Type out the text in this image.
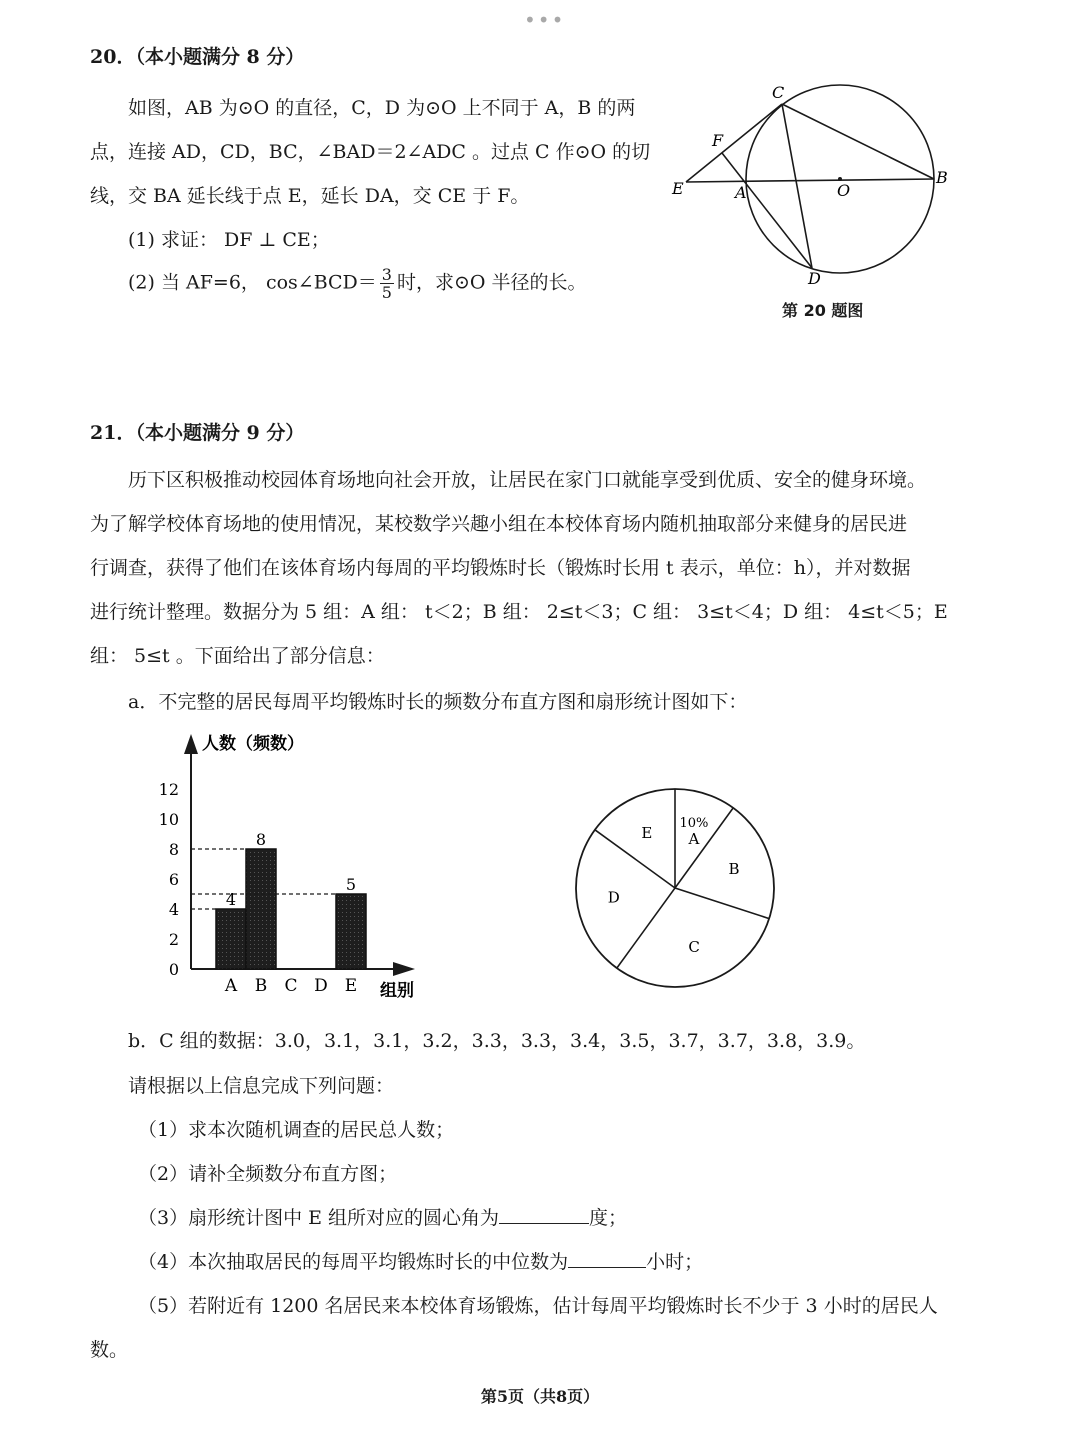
•••
20．（本小题满分 8 分）
如图，AB 为⊙O 的直径，C，D 为⊙O 上不同于 A，B 的两
点，连接 AD，CD，BC，∠BAD＝2∠ADC 。过点 C 作⊙O 的切
线，交 BA 延长线于点 E，延长 DA，交 CE 于 F。
(1) 求证： DF ⊥ CE；
(2) 当 AF=6， cos∠BCD＝ $\frac{3}{5}$ 时，求⊙O 半径的长。
C
F
E	A	O
B
D
第 20 题图
21．（本小题满分 9 分）
历下区积极推动校园体育场地向社会开放，让居民在家门口就能享受到优质、安全的健身环境。
为了解学校体育场地的使用情况，某校数学兴趣小组在本校体育场内随机抽取部分来健身的居民进
行调查，获得了他们在该体育场内每周的平均锻炼时长（锻炼时长用 t 表示，单位：h），并对数据
进行统计整理。数据分为 5 组：A 组： t＜2；B 组： 2≤t＜3；C 组： 3≤t＜4；D 组： 4≤t＜5；E
组： 5≤t 。下面给出了部分信息：
a．不完整的居民每周平均锻炼时长的频数分布直方图和扇形统计图如下：
人数（频数）
组别
0
2
4
6
8
10
12
A
4
B
8
C D E
5
10%
A
B
C
D
E
b．C 组的数据：3.0，3.1，3.1，3.2，3.3，3.3，3.4，3.5，3.7，3.7，3.8，3.9。
请根据以上信息完成下列问题：
（1）求本次随机调查的居民总人数；
（2）请补全频数分布直方图；
（3）扇形统计图中 E 组所对应的圆心角为	度；
（4）本次抽取居民的每周平均锻炼时长的中位数为	小时；
（5）若附近有 1200 名居民来本校体育场锻炼，估计每周平均锻炼时长不少于 3 小时的居民人
数。
第5页（共8页）
